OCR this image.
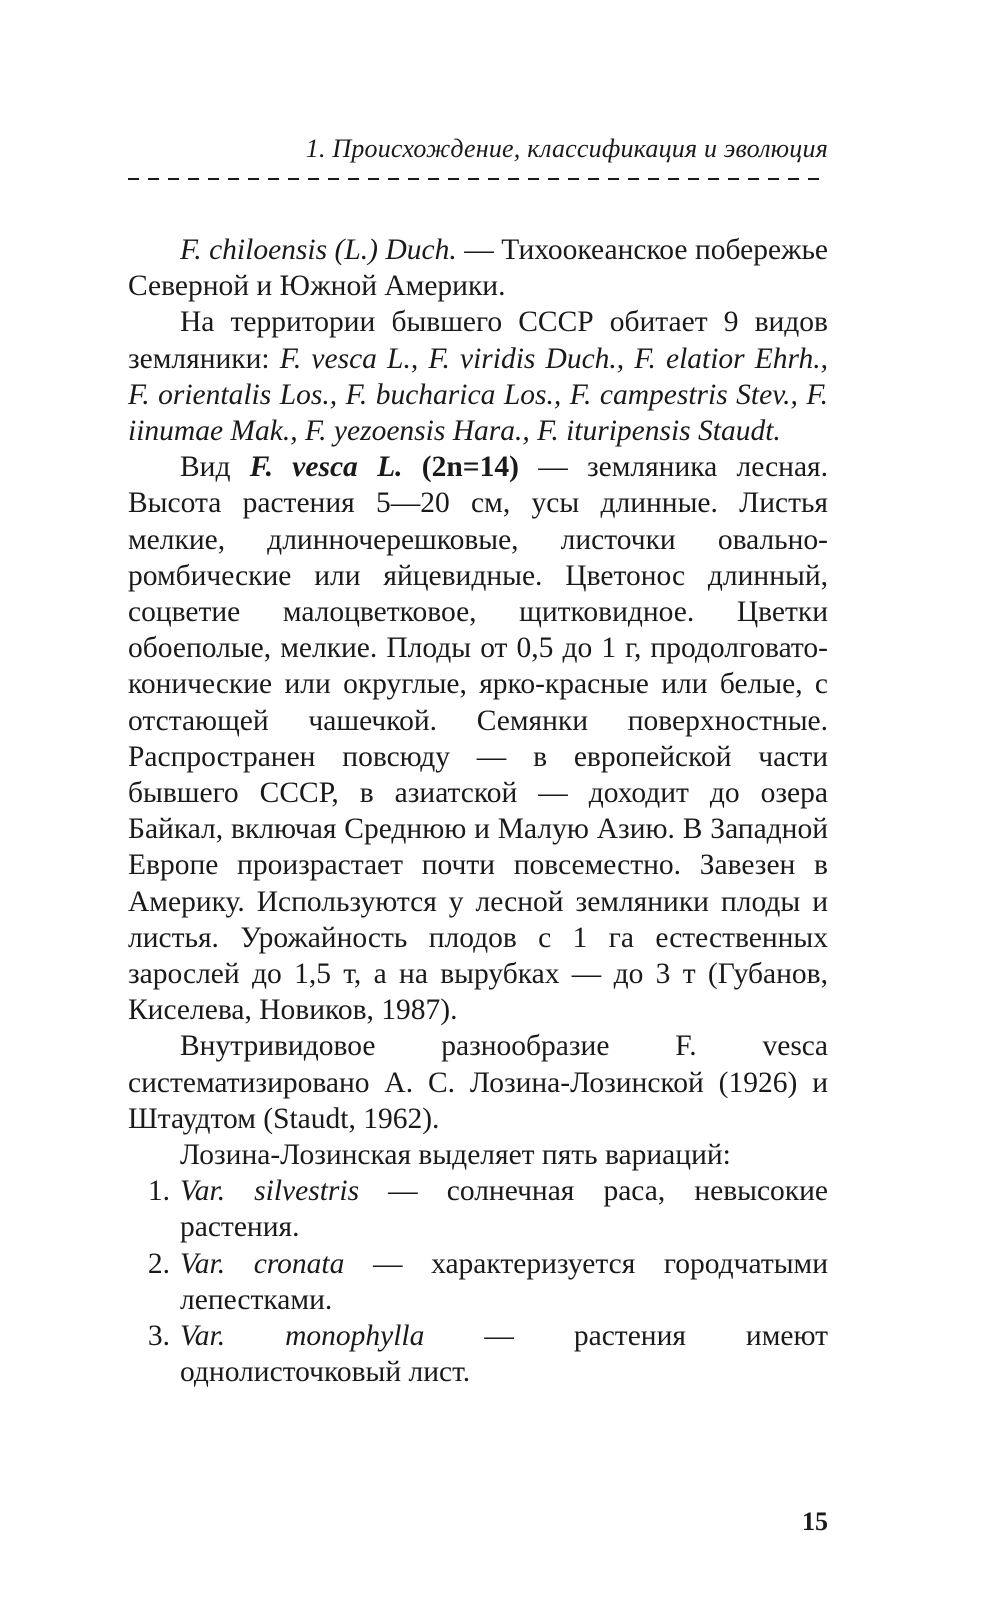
1. Происхождение, классификация и эволюция

F. chiloensis (L.) Duch. — Тихоокеанское побережье Северной и Южной Америки.

На территории бывшего СССР обитает 9 видов земляники: F. vesca L., F. viridis Duch., F. elatior Ehrh., F. orientalis Los., F. bucharica Los., F. campestris Stev., F. iinumae Mak., F. yezoensis Hara., F. ituripensis Staudt.

Вид F. vesca L. (2n=14) — земляника лесная. Высота растения 5—20 см, усы длинные. Листья мелкие, длинночерешковые, листочки овально-ромбические или яйцевидные. Цветонос длинный, соцветие малоцветковое, щитковидное. Цветки обоеполые, мелкие. Плоды от 0,5 до 1 г, продолговато-конические или округлые, ярко-красные или белые, с отстающей чашечкой. Семянки поверхностные. Распространен повсюду — в европейской части бывшего СССР, в азиатской — доходит до озера Байкал, включая Среднюю и Малую Азию. В Западной Европе произрастает почти повсеместно. Завезен в Америку. Используются у лесной земляники плоды и листья. Урожайность плодов с 1 га естественных зарослей до 1,5 т, а на вырубках — до 3 т (Губанов, Киселева, Новиков, 1987).

Внутривидовое разнообразие F. vesca систематизировано А. С. Лозина-Лозинской (1926) и Штаудтом (Staudt, 1962).

Лозина-Лозинская выделяет пять вариаций:

1. Var. silvestris — солнечная раса, невысокие растения.

2. Var. cronata — характеризуется городчатыми лепестками.

3. Var. monophylla — растения имеют однолисточковый лист.

15
